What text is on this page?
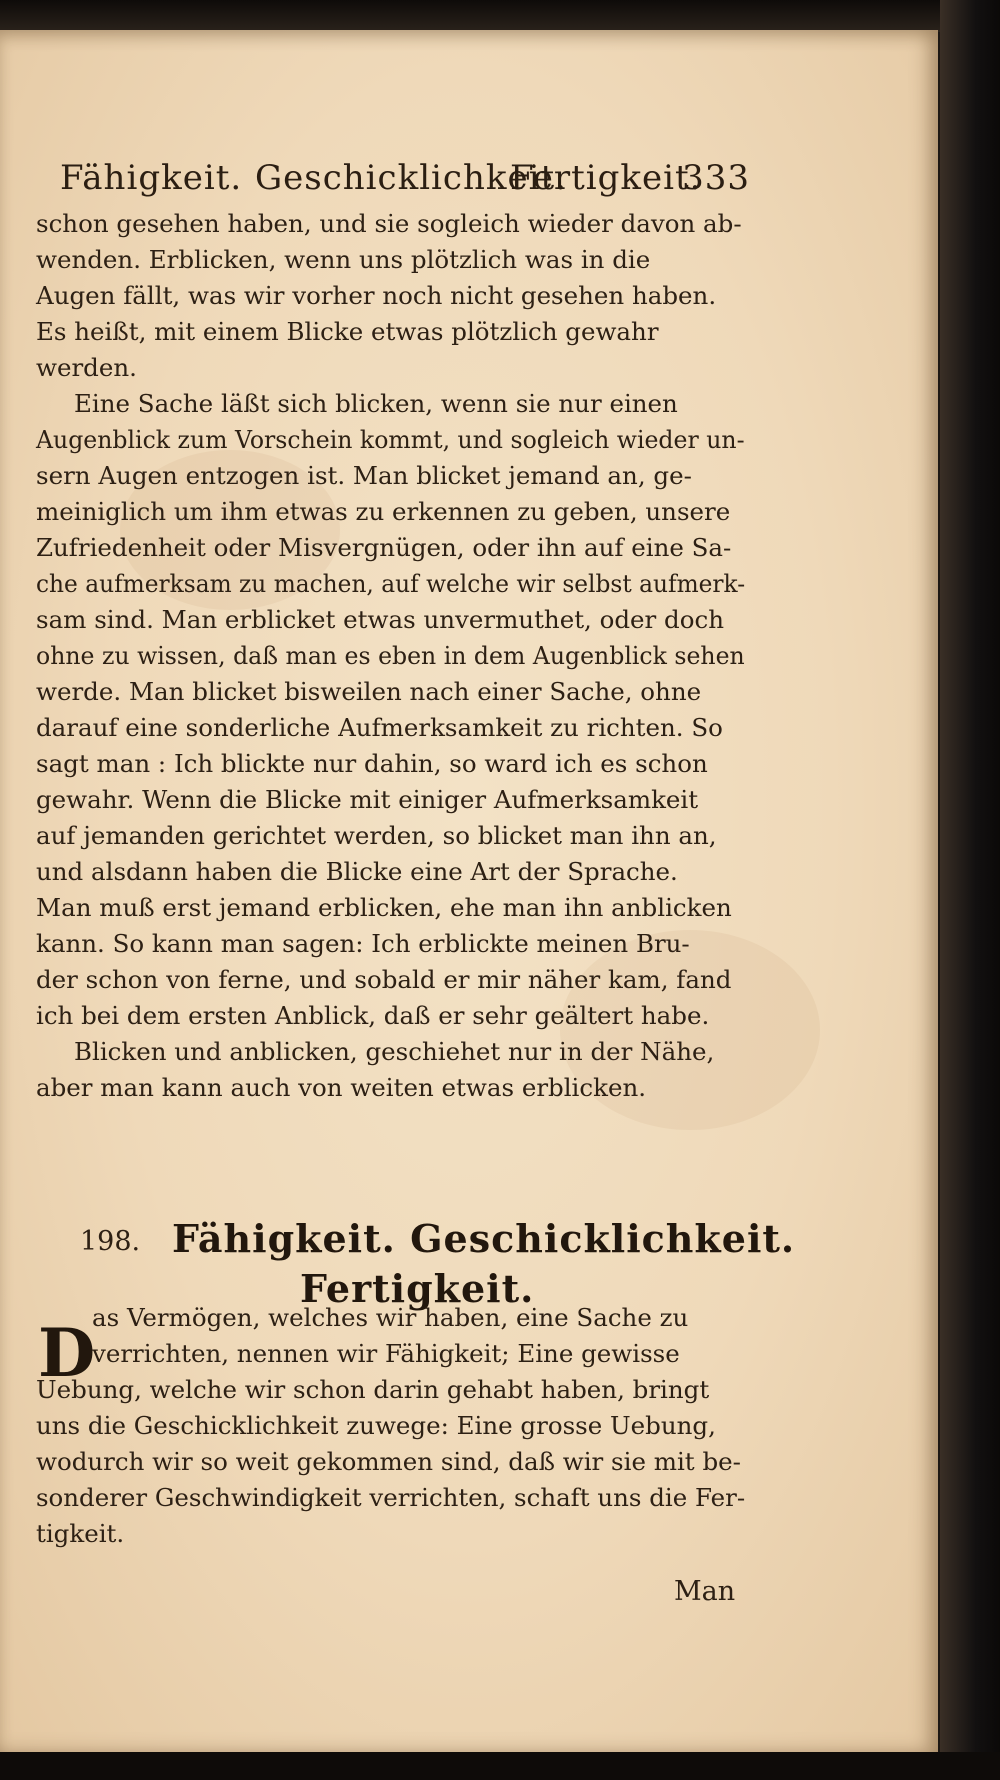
Fähigkeit. Geschicklichkeit.
Fertigkeit.
333
schon gesehen haben, und sie sogleich wieder davon ab-
wenden. Erblicken, wenn uns plötzlich was in die
Augen fällt, was wir vorher noch nicht gesehen haben.
Es heißt, mit einem Blicke etwas plötzlich gewahr
werden.
Eine Sache läßt sich blicken, wenn sie nur einen
Augenblick zum Vorschein kommt, und sogleich wieder un-
sern Augen entzogen ist. Man blicket jemand an, ge-
meiniglich um ihm etwas zu erkennen zu geben, unsere
Zufriedenheit oder Misvergnügen, oder ihn auf eine Sa-
che aufmerksam zu machen, auf welche wir selbst aufmerk-
sam sind. Man erblicket etwas unvermuthet, oder doch
ohne zu wissen, daß man es eben in dem Augenblick sehen
werde. Man blicket bisweilen nach einer Sache, ohne
darauf eine sonderliche Aufmerksamkeit zu richten. So
sagt man : Ich blickte nur dahin, so ward ich es schon
gewahr. Wenn die Blicke mit einiger Aufmerksamkeit
auf jemanden gerichtet werden, so blicket man ihn an,
und alsdann haben die Blicke eine Art der Sprache.
Man muß erst jemand erblicken, ehe man ihn anblicken
kann. So kann man sagen: Ich erblickte meinen Bru-
der schon von ferne, und sobald er mir näher kam, fand
ich bei dem ersten Anblick, daß er sehr geältert habe.
Blicken und anblicken, geschiehet nur in der Nähe,
aber man kann auch von weiten etwas erblicken.
198. Fähigkeit. Geschicklichkeit.
Fertigkeit.
D
as Vermögen, welches wir haben, eine Sache zu
verrichten, nennen wir Fähigkeit; Eine gewisse
Uebung, welche wir schon darin gehabt haben, bringt
uns die Geschicklichkeit zuwege: Eine grosse Uebung,
wodurch wir so weit gekommen sind, daß wir sie mit be-
sonderer Geschwindigkeit verrichten, schaft uns die Fer-
tigkeit.
Man
